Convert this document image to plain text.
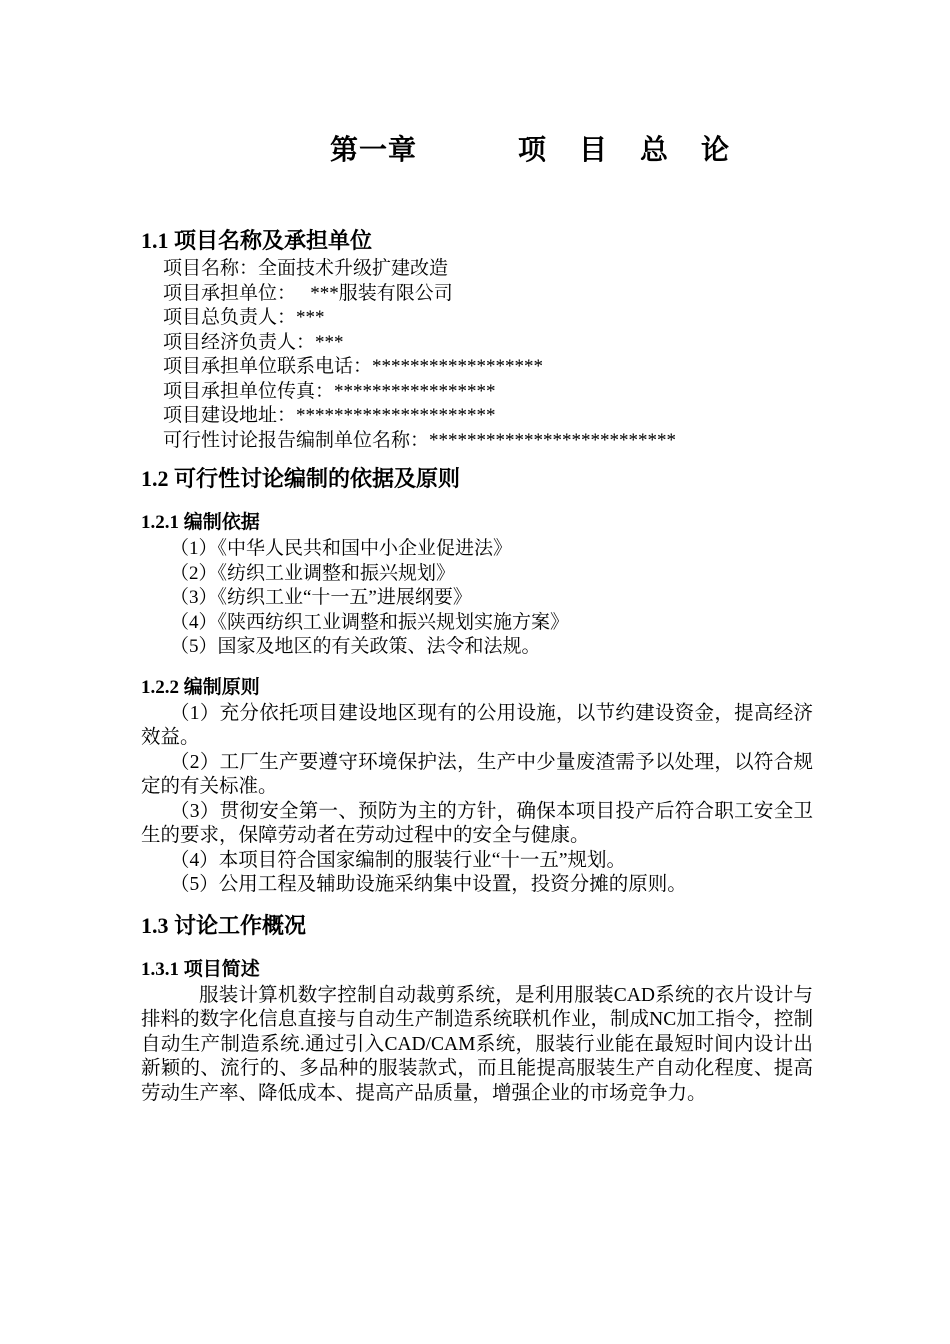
第一章	项 目 总 论
1.1 项目名称及承担单位

项目名称：全面技术升级扩建改造

项目承担单位：   ***服装有限公司

项目总负责人：***

项目经济负责人：***

项目承担单位联系电话：******************

项目承担单位传真：*****************

项目建设地址：*********************

可行性讨论报告编制单位名称：**************************

1.2 可行性讨论编制的依据及原则
1.2.1 编制依据

（1）《中华人民共和国中小企业促进法》

（2）《纺织工业调整和振兴规划》

（3）《纺织工业“十一五”进展纲要》

（4）《陕西纺织工业调整和振兴规划实施方案》

（5）国家及地区的有关政策、法令和法规。

1.2.2 编制原则

（1）充分依托项目建设地区现有的公用设施，以节约建设资金，提高经济效益。

（2）工厂生产要遵守环境保护法，生产中少量废渣需予以处理，以符合规定的有关标准。

（3）贯彻安全第一、预防为主的方针，确保本项目投产后符合职工安全卫生的要求，保障劳动者在劳动过程中的安全与健康。

（4）本项目符合国家编制的服装行业“十一五”规划。

（5）公用工程及辅助设施采纳集中设置，投资分摊的原则。

1.3 讨论工作概况
1.3.1 项目简述

服装计算机数字控制自动裁剪系统，是利用服装CAD系统的衣片设计与排料的数字化信息直接与自动生产制造系统联机作业，制成NC加工指令，控制自动生产制造系统.通过引入CAD/CAM系统，服装行业能在最短时间内设计出新颖的、流行的、多品种的服装款式，而且能提高服装生产自动化程度、提高劳动生产率、降低成本、提高产品质量，增强企业的市场竞争力。
